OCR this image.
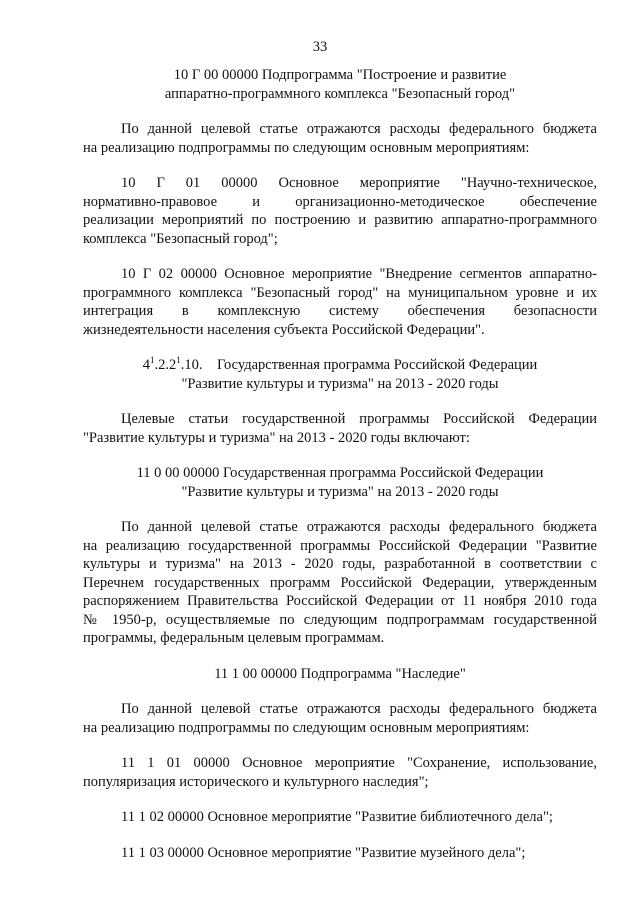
33
10 Г 00 00000 Подпрограмма "Построение и развитие
аппаратно-программного комплекса "Безопасный город"
По данной целевой статье отражаются расходы федерального бюджета
на реализацию подпрограммы по следующим основным мероприятиям:
10 Г 01 00000 Основное мероприятие "Научно-техническое,
нормативно-правовое и организационно-методическое обеспечение
реализации мероприятий по построению и развитию аппаратно-программного
комплекса "Безопасный город";
10 Г 02 00000 Основное мероприятие "Внедрение сегментов аппаратно-
программного комплекса "Безопасный город" на муниципальном уровне и их
интеграция в комплексную систему обеспечения безопасности
жизнедеятельности населения субъекта Российской Федерации".
$4^1.2.2^1.10$. Государственная программа Российской Федерации
"Развитие культуры и туризма" на 2013 - 2020 годы
Целевые статьи государственной программы Российской Федерации
"Развитие культуры и туризма" на 2013 - 2020 годы включают:
11 0 00 00000 Государственная программа Российской Федерации
"Развитие культуры и туризма" на 2013 - 2020 годы
По данной целевой статье отражаются расходы федерального бюджета
на реализацию государственной программы Российской Федерации "Развитие
культуры и туризма" на 2013 - 2020 годы, разработанной в соответствии с
Перечнем государственных программ Российской Федерации, утвержденным
распоряжением Правительства Российской Федерации от 11 ноября 2010 года
№ 1950-р, осуществляемые по следующим подпрограммам государственной
программы, федеральным целевым программам.
11 1 00 00000 Подпрограмма "Наследие"
По данной целевой статье отражаются расходы федерального бюджета
на реализацию подпрограммы по следующим основным мероприятиям:
11 1 01 00000 Основное мероприятие "Сохранение, использование,
популяризация исторического и культурного наследия";
11 1 02 00000 Основное мероприятие "Развитие библиотечного дела";
11 1 03 00000 Основное мероприятие "Развитие музейного дела";
